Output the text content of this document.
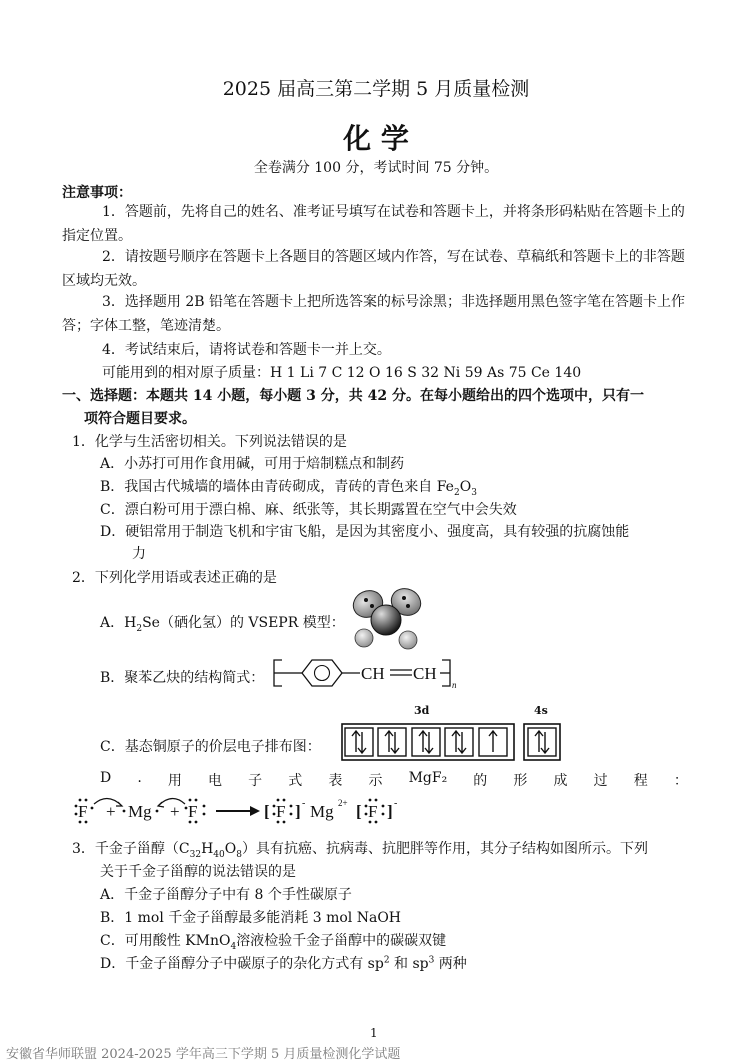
2025 届高三第二学期 5 月质量检测
化 学
全卷满分 100 分，考试时间 75 分钟。
注意事项：
1．答题前，先将自己的姓名、准考证号填写在试卷和答题卡上，并将条形码粘贴在答题卡上的指定位置。
2．请按题号顺序在答题卡上各题目的答题区域内作答，写在试卷、草稿纸和答题卡上的非答题区域均无效。
3．选择题用 2B 铅笔在答题卡上把所选答案的标号涂黑；非选择题用黑色签字笔在答题卡上作答；字体工整，笔迹清楚。
4．考试结束后，请将试卷和答题卡一并上交。
可能用到的相对原子质量：H 1 Li 7 C 12 O 16 S 32 Ni 59 As 75 Ce 140
一、选择题：本题共 14 小题，每小题 3 分，共 42 分。在每小题给出的四个选项中，只有一
项符合题目要求。
1．化学与生活密切相关。下列说法错误的是
A．小苏打可用作食用碱，可用于焙制糕点和制药
B．我国古代城墙的墙体由青砖砌成，青砖的青色来自 $Fe_2O_3$
C．漂白粉可用于漂白棉、麻、纸张等，其长期露置在空气中会失效
D．硬铝常用于制造飞机和宇宙飞船，是因为其密度小、强度高，具有较强的抗腐蚀能
力
2．下列化学用语或表述正确的是
A．$H_2Se$（硒化氢）的 VSEPR 模型：
B．聚苯乙炔的结构简式：	CH CH
n
3d	4s
C．基态铜原子的价层电子排布图：
D . 用 电 子 式 表 示 MgF₂ 的 形 成 过 程 ：
F + Mg + F	[ F ] - Mg 2+ [ F ] -
3．千金子甾醇$(C_{32}H_{40}O_8)$具有抗癌、抗病毒、抗肥胖等作用，其分子结构如图所示。下列
关于千金子甾醇的说法错误的是
A．千金子甾醇分子中有 8 个手性碳原子
B．1 mol 千金子甾醇最多能消耗 3 mol NaOH
C．可用酸性 KMnO$_4$溶液检验千金子甾醇中的碳碳双键
D．千金子甾醇分子中碳原子的杂化方式有 $sp^2$ 和 $sp^3$ 两种
1
安徽省华师联盟 2024-2025 学年高三下学期 5 月质量检测化学试题
